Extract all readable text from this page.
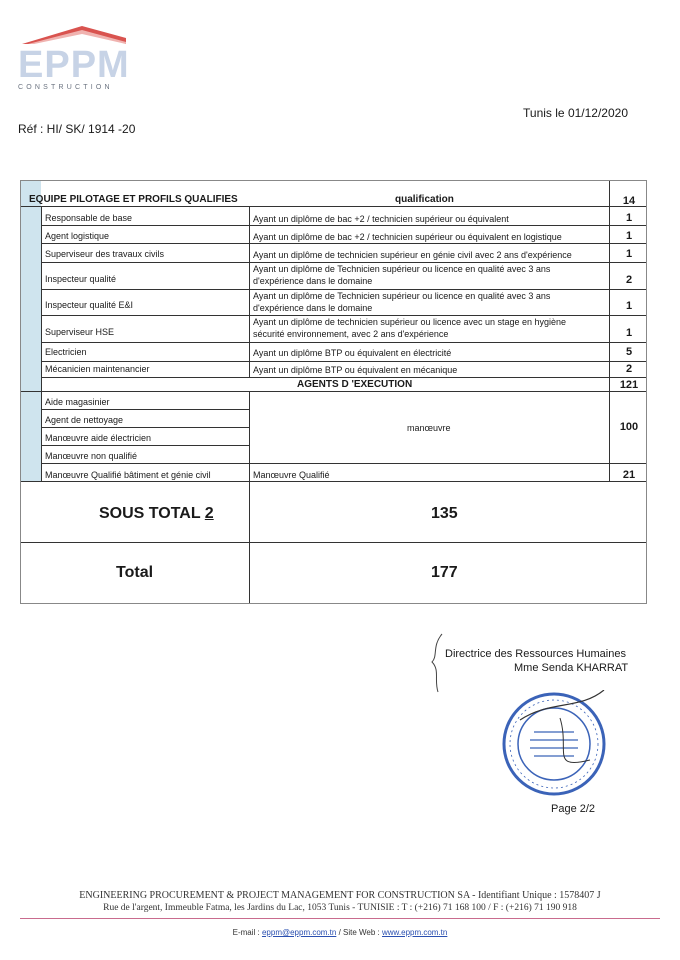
EPPM
CONSTRUCTION
Tunis le 01/12/2020
Réf : HI/ SK/ 1914 -20
EQUIPE PILOTAGE ET PROFILS QUALIFIES	qualification	14
Responsable de base	Ayant un diplôme de bac +2 / technicien supérieur ou équivalent	1
Agent logistique	Ayant un diplôme de bac +2 / technicien supérieur ou équivalent en logistique	1
Superviseur des travaux civils	Ayant un diplôme de technicien supérieur en génie civil avec 2 ans d'expérience	1
Inspecteur qualité
Ayant un diplôme de Technicien supérieur ou licence en qualité avec 3 ans
d'expérience dans le domaine	2
Inspecteur qualité E&I
Ayant un diplôme de Technicien supérieur ou licence en qualité avec 3 ans
d'expérience dans le domaine	1
Superviseur HSE
Ayant un diplôme de technicien supérieur ou licence avec un stage en hygiène
sécurité environnement, avec 2 ans d'expérience	1
Electricien	Ayant un diplôme BTP ou équivalent en électricité	5
Mécanicien maintenancier	Ayant un diplôme BTP ou équivalent en mécanique	2
AGENTS D 'EXECUTION	121
Aide magasinier
Agent de nettoyage
Manœuvre aide électricien
Manœuvre non qualifié
manœuvre	100
Manœuvre Qualifié bâtiment et génie civil	Manœuvre Qualifié	21
SOUS TOTAL 2	135
Total	177
Directrice des Ressources Humaines
Mme Senda KHARRAT
Page 2/2
ENGINEERING PROCUREMENT & PROJECT MANAGEMENT FOR CONSTRUCTION SA - Identifiant Unique : 1578407 J
Rue de l'argent, Immeuble Fatma, les Jardins du Lac, 1053 Tunis - TUNISIE : T : (+216) 71 168 100 / F : (+216) 71 190 918
E-mail : eppm@eppm.com.tn / Site Web : www.eppm.com.tn
